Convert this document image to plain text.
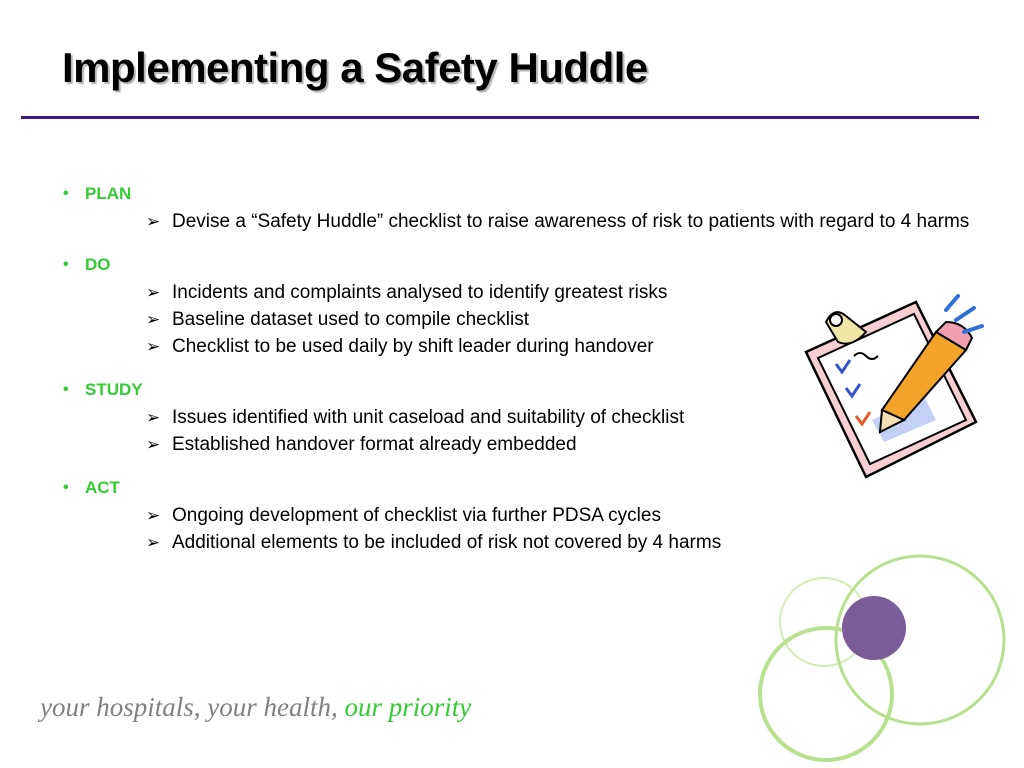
Implementing a Safety Huddle
• PLAN
➢ Devise a “Safety Huddle” checklist to raise awareness of risk to patients with regard to 4 harms
• DO
➢ Incidents and complaints analysed to identify greatest risks
➢ Baseline dataset used to compile checklist
➢ Checklist to be used daily by shift leader during handover
• STUDY
➢ Issues identified with unit caseload and suitability of checklist
➢ Established handover format already embedded
• ACT
➢ Ongoing development of checklist via further PDSA cycles
➢ Additional elements to be included of risk not covered by 4 harms
your hospitals, your health, our priority
